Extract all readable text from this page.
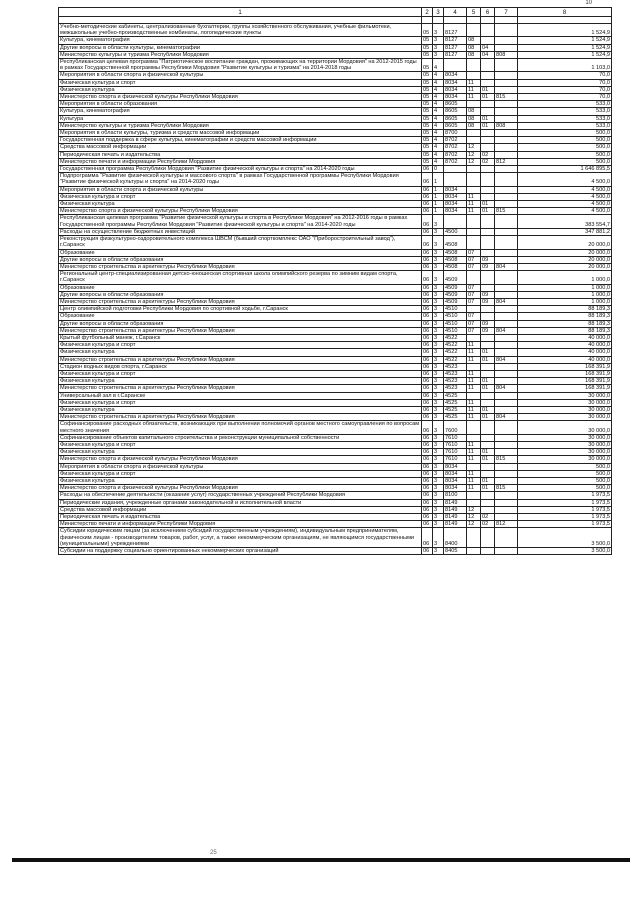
10
1	2	3	4	5	6	7	8

Учебно-методические кабинеты, централизованные бухгалтерии, группы хозяйственного обслуживания, учебные фильмотеки, межшкольные учебно-производственные комбинаты, логопедические пункты	05	3	8127				1 524,9
Культура, кинематография	05	3	8127	08			1 524,9
Другие вопросы в области культуры, кинематографии	05	3	8127	08	04		1 524,9
Министерство культуры и туризма Республики Мордовия	05	3	8127	08	04	808	1 524,9
Республиканская целевая программа "Патриотическое воспитание граждан, проживающих на территории Мордовия" на 2012-2015 годы в рамках Государственной программы Республики Мордовия "Развитие культуры и туризма" на 2014-2018 годы	05	4					1 103,0
Мероприятия в области спорта и физической культуры	05	4	8034				70,0
Физическая культура и спорт	05	4	8034	11			70,0
Физическая культура	05	4	8034	11	01		70,0
Министерство спорта и физической культуры Республики Мордовия	05	4	8034	11	01	815	70,0
Мероприятия в области образования	05	4	8605				533,0
Культура, кинематография	05	4	8605	08			533,0
Культура	05	4	8605	08	01		533,0
Министерство культуры и туризма Республики Мордовия	05	4	8605	08	01	808	533,0
Мероприятия в области культуры, туризма и средств массовой информации	05	4	8700				500,0
Государственная поддержка в сфере культуры, кинематографии и средств массовой информации	05	4	8702				500,0
Средства массовой информации	05	4	8702	12			500,0
Периодическая печать и издательства	05	4	8702	12	02		500,0
Министерство печати и информации Республики Мордовия	05	4	8702	12	02	812	500,0
Государственная программа Республики Мордовия "Развитие физической культуры и спорта" на 2014-2020 годы	06	0					1 646 895,5
Подпрограмма "Развитие физической культуры и массового спорта" в рамках Государственной программы Республики Мордовия "Развитие физической культуры и спорта" на 2014-2020 годы	06	1					4 500,0
Мероприятия в области спорта и физической культуры	06	1	8034				4 500,0
Физическая культура и спорт	06	1	8034	11			4 500,0
Физическая культура	06	1	8034	11	01		4 500,0
Министерство спорта и физической культуры Республики Мордовия	06	1	8034	11	01	815	4 500,0
Республиканская целевая программа "Развитие физической культуры и спорта в Республике Мордовия" на 2012-2016 годы в рамках Государственной программы Республики Мордовия "Развитие физической культуры и спорта" на 2014-2020 годы	06	3					383 554,7
Расходы на осуществление бюджетных инвестиций	06	3	4500				347 881,2
Реконструкция физкультурно-оздоровительного комплекса ШВСМ (бывший спорткомплекс ОАО "Приборостроительный завод"), г.Саранск	06	3	4508				20 000,0
Образование	06	3	4508	07			20 000,0
Другие вопросы в области образования	06	3	4508	07	09		20 000,0
Министерство строительства и архитектуры Республики Мордовия	06	3	4508	07	09	804	20 000,0
Региональный центр-специализированная детско-юношеская спортивная школа олимпийского резерва по зимним видам спорта, г.Саранск	06	3	4509				1 000,0
Образование	06	3	4509	07			1 000,0
Другие вопросы в области образования	06	3	4509	07	09		1 000,0
Министерство строительства и архитектуры Республики Мордовия	06	3	4509	07	09	804	1 000,0
Центр олимпийской подготовки Республики Мордовия по спортивной ходьбе, г.Саранск	06	3	4510				88 189,3
Образование	06	3	4510	07			88 189,3
Другие вопросы в области образования	06	3	4510	07	09		88 189,3
Министерство строительства и архитектуры Республики Мордовия	06	3	4510	07	09	804	88 189,3
Крытый футбольный манеж, г.Саранск	06	3	4522				40 000,0
Физическая культура и спорт	06	3	4522	11			40 000,0
Физическая культура	06	3	4522	11	01		40 000,0
Министерство строительства и архитектуры Республики Мордовия	06	3	4522	11	01	804	40 000,0
Стадион водных видов спорта, г.Саранск	06	3	4523				168 391,9
Физическая культура и спорт	06	3	4523	11			168 391,9
Физическая культура	06	3	4523	11	01		168 391,9
Министерство строительства и архитектуры Республики Мордовия	06	3	4523	11	01	804	168 391,9
Универсальный зал в г.Саранске	06	3	4525				30 000,0
Физическая культура и спорт	06	3	4525	11			30 000,0
Физическая культура	06	3	4525	11	01		30 000,0
Министерство строительства и архитектуры Республики Мордовия	06	3	4525	11	01	804	30 000,0
Софинансирование расходных обязательств, возникающих при выполнении полномочий органов местного самоуправления по вопросам местного значения	06	3	7600				30 000,0
Софинансирование объектов капитального строительства и реконструкции муниципальной собственности	06	3	7610				30 000,0
Физическая культура и спорт	06	3	7610	11			30 000,0
Физическая культура	06	3	7610	11	01		30 000,0
Министерство спорта и физической культуры Республики Мордовия	06	3	7610	11	01	815	30 000,0
Мероприятия в области спорта и физической культуры	06	3	8034				500,0
Физическая культура и спорт	06	3	8034	11			500,0
Физическая культура	06	3	8034	11	01		500,0
Министерство спорта и физической культуры Республики Мордовия	06	3	8034	11	01	815	500,0
Расходы на обеспечение деятельности (оказание услуг) государственных учреждений Республики Мордовия	06	3	8100				1 973,5
Периодические издания, учрежденные органами законодательной и исполнительной власти	06	3	8149				1 973,5
Средства массовой информации	06	3	8149	12			1 973,5
Периодическая печать и издательства	06	3	8149	12	02		1 973,5
Министерство печати и информации Республики Мордовия	06	3	8149	12	02	812	1 973,5
Субсидии юридическим лицам (за исключением субсидий государственным учреждениям), индивидуальным предпринимателям, физическим лицам - производителям товаров, работ, услуг, а также некоммерческим организациям, не являющимся государственными (муниципальными) учреждениями	06	3	8400				3 500,0
Субсидии на поддержку социально ориентированных некоммерческих организаций	06	3	8405				3 500,0
25
